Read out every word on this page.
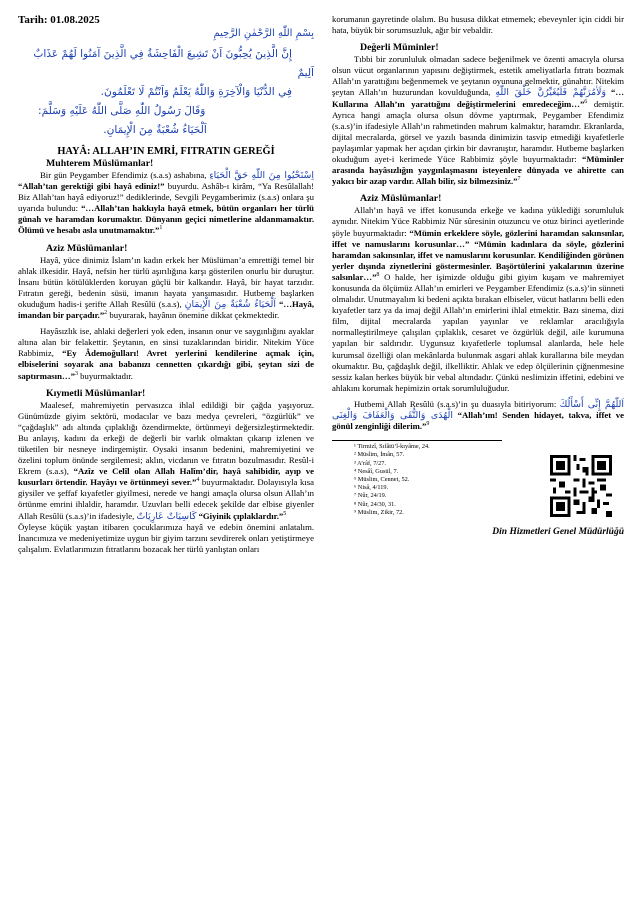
Tarih: 01.08.2025
بِسْمِ اللّٰهِ الرَّحْمٰنِ الرَّحِيمِ

إِنَّ الَّذِينَ يُحِبُّونَ اَنْ تَشِيعَ الْفَاحِشَةُ فِي الَّذِينَ آمَنُوا لَهُمْ عَذَابٌ اَلِيمٌ

فِي الدُّنْيَا وَالْآخِرَةِ وَاللّٰهُ يَعْلَمُ وَاَنْتُمْ لَا تَعْلَمُونَ.

وَقَالَ رَسُولُ اللّٰهِ صَلَّى اللّٰهُ عَلَيْهِ وَسَلَّمَ:

اَلْحَيَاءُ شُعْبَةٌ مِنَ الْإِيمَانِ.

HAYÂ: ALLAH’IN EMRİ, FITRATIN GEREĞİ
Muhterem Müslümanlar!

Bir gün Peygamber Efendimiz (s.a.s) ashabına, اِسْتَحْيُوا مِنَ اللّٰهِ حَقَّ الْحَيَاءِ “Allah’tan gerektiği gibi hayâ ediniz!” buyurdu. Ashâb-ı kirâm, “Ya Resûlallah! Biz Allah’tan hayâ ediyoruz!” dediklerinde, Sevgili Peygamberimiz (s.a.s) onlara şu uyarıda bulundu: “…Allah’tan hakkıyla hayâ etmek, bütün organları her türlü günah ve haramdan korumaktır. Dünyanın geçici nimetlerine aldanmamaktır. Ölümü ve hesabı asla unutmamaktır.”$^1$

Aziz Müslümanlar!

Hayâ, yüce dinimiz İslam’ın kadın erkek her Müslüman’a emrettiği temel bir ahlak ilkesidir. Hayâ, nefsin her türlü aşırılığına karşı gösterilen onurlu bir duruştur. İnsanı bütün kötülüklerden koruyan güçlü bir kalkandır. Hayâ, bir hayat tarzıdır. Fıtratın gereği, bedenin süsü, imanın hayata yansımasıdır. Hutbeme başlarken okuduğum hadis-i şerifte Allah Resûlü (s.a.s), اَلْحَيَاءُ شُعْبَةٌ مِنَ الْإِيمَانِ “…Hayâ, imandan bir parçadır.”$^2$ buyurarak, hayânın önemine dikkat çekmektedir.

Hayâsızlık ise, ahlaki değerleri yok eden, insanın onur ve saygınlığını ayaklar altına alan bir felakettir. Şeytanın, en sinsi tuzaklarından biridir. Nitekim Yüce Rabbimiz, “Ey Âdemoğulları! Avret yerlerini kendilerine açmak için, elbiselerini soyarak ana babanızı cennetten çıkardığı gibi, şeytan sizi de saptırmasın…”$^3$ buyurmaktadır.

Kıymetli Müslümanlar!

Maalesef, mahremiyetin pervasızca ihlal edildiği bir çağda yaşıyoruz. Günümüzde giyim sektörü, modacılar ve bazı medya çevreleri, “özgürlük” ve “çağdaşlık” adı altında çıplaklığı özendirmekte, örtünmeyi değersizleştirmektedir. Bu anlayış, kadını da erkeği de değerli bir varlık olmaktan çıkarıp izlenen ve tüketilen bir nesneye indirgemiştir. Oysaki insanın bedenini, mahremiyetini ve özelini toplum önünde sergilemesi; aklın, vicdanın ve fıtratın bozulmasıdır. Resûl-i Ekrem (s.a.s), “Azîz ve Celîl olan Allah Halîm’dir, hayâ sahibidir, ayıp ve kusurları örtendir. Hayâyı ve örtünmeyi sever.”$^4$ buyurmaktadır. Dolayısıyla kısa giysiler ve şeffaf kıyafetler giyilmesi, nerede ve hangi amaçla olursa olsun Allah’ın örtünme emrini ihlaldir, haramdır. Uzuvları belli edecek şekilde dar elbise giyenler Allah Resûlü (s.a.s)’in ifadesiyle, كَاسِيَاتٌ عَارِيَاتٌ “Giyinik çıplaklardır.”$^5$

Öyleyse küçük yaştan itibaren çocuklarımıza hayâ ve edebin önemini anlatalım. İnancımıza ve medeniyetimize uygun bir giyim tarzını sevdirerek onları yetiştirmeye çalışalım. Evlatlarımızın fıtratlarını bozacak her türlü yanlıştan onları

korumanın gayretinde olalım. Bu hususa dikkat etmemek; ebeveynler için ciddi bir hata, büyük bir sorumsuzluk, ağır bir vebaldir.

Değerli Müminler!

Tıbbi bir zorunluluk olmadan sadece beğenilmek ve özenti amacıyla olursa olsun vücut organlarının yapısını değiştirmek, estetik ameliyatlarla fıtratı bozmak Allah’ın yarattığını beğenmemek ve şeytanın oyununa gelmektir, günahtır. Nitekim şeytan Allah’ın huzurundan kovulduğunda, وَلَاٰمُرَنَّهُمْ فَلَيُغَيِّرُنَّ خَلْقَ اللّٰهِ “…Kullarına Allah’ın yarattığını değiştirmelerini emredeceğim…”$^6$ demiştir. Ayrıca hangi amaçla olursa olsun dövme yaptırmak, Peygamber Efendimiz (s.a.s)’in ifadesiyle Allah’ın rahmetinden mahrum kalmaktır, haramdır. Ekranlarda, dijital mecralarda, görsel ve yazılı basında dinimizin tasvip etmediği kıyafetlerle paylaşımlar yapmak her açıdan çirkin bir davranıştır, haramdır. Hutbeme başlarken okuduğum ayet-i kerimede Yüce Rabbimiz şöyle buyurmaktadır: “Müminler arasında hayâsızlığın yaygınlaşmasını isteyenlere dünyada ve ahirette can yakıcı bir azap vardır. Allah bilir, siz bilmezsiniz.”$^7$

Aziz Müslümanlar!

Allah’ın hayâ ve iffet konusunda erkeğe ve kadına yüklediği sorumluluk aynıdır. Nitekim Yüce Rabbimiz Nûr sûresinin otuzuncu ve otuz birinci ayetlerinde şöyle buyurmaktadır: “Mümin erkeklere söyle, gözlerini haramdan sakınsınlar, iffet ve namuslarını korusunlar…” “Mümin kadınlara da söyle, gözlerini haramdan sakınsınlar, iffet ve namuslarını korusunlar. Kendiliğinden görünen yerler dışında ziynetlerini göstermesinler. Başörtülerini yakalarının üzerine salsınlar…”$^8$ O halde, her işimizde olduğu gibi giyim kuşam ve mahremiyet konusunda da ölçümüz Allah’ın emirleri ve Peygamber Efendimiz (s.a.s)’in sünneti olmalıdır. Unutmayalım ki bedeni açıkta bırakan elbiseler, vücut hatlarını belli eden kıyafetler tarz ya da imaj değil Allah’ın emirlerini ihlal etmektir. Bazı sinema, dizi film, dijital mecralarda yapılan yayınlar ve reklamlar aracılığıyla normalleştirilmeye çalışılan çıplaklık, cesaret ve özgürlük değil, aile kurumuna yapılan bir saldırıdır. Uygunsuz kıyafetlerle toplumsal alanlarda, hele hele kurumsal özelliği olan mekânlarda bulunmak asgari ahlak kurallarına bile meydan okumaktır. Bu, çağdaşlık değil, ilkelliktir. Ahlak ve edep ölçülerinin çiğnenmesine sessiz kalan herkes büyük bir vebal altındadır. Çünkü neslimizin iffetini, edebini ve ahlakını korumak hepimizin ortak sorumluluğudur.

Hutbemi Allah Resûlü (s.a.s)’in şu duasıyla bitiriyorum: اَللّٰهُمَّ إِنِّى أَسْأَلُكَ الْهُدَى وَالتُّقَى وَالْعَفَافَ وَالْغِنَى “Allah’ım! Senden hidayet, takva, iffet ve gönül zenginliği dilerim.”$^9$

¹ Tirmizî, Sıfâtü’l-kıyâme, 24.

² Müslim, İmân, 57.

³ A’râf, 7/27.

⁴ Nesâî, Gusül, 7.

⁵ Müslim, Cennet, 52.

⁶ Nisâ, 4/119.

⁷ Nûr, 24/19.

⁸ Nûr, 24/30, 31.

⁹ Müslim, Zikir, 72.

Din Hizmetleri Genel Müdürlüğü
